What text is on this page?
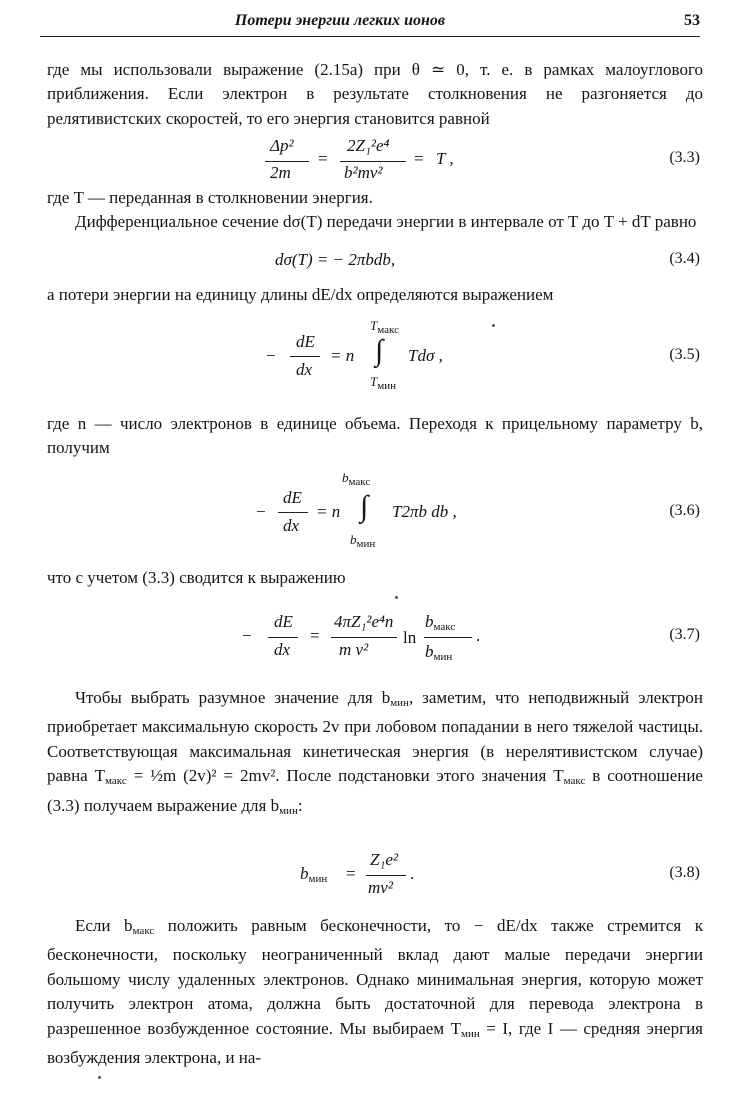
Потери энергии легких ионов	53
где мы использовали выражение (2.15а) при θ ≃ 0, т. е. в рамках малоуглового приближения. Если электрон в результате столкновения не разгоняется до релятивистских скоростей, то его энергия становится равной
Δp²
2m
=
2Z₁²e⁴
b²mv²
= T ,	(3.3)
где T — переданная в столкновении энергия.
Дифференциальное сечение dσ(T) передачи энергии в интервале от T до T + dT равно
dσ(T) = − 2πbdb,	(3.4)
а потери энергии на единицу длины dE/dx определяются выражением
−
dE
dx
= n
$T_{макс}$
∫
$T_{мин}$
Tdσ ,	(3.5)
где n — число электронов в единице объема. Переходя к прицельному параметру b, получим
$b_{макс}$
−
dE
dx
= n ∫
$b_{мин}$
T2πb db ,	(3.6)
что с учетом (3.3) сводится к выражению
−
dE
dx
=
4πZ₁²e⁴n
m v²
ln
$b_{макс}$
$b_{мин}$
.	(3.7)
Чтобы выбрать разумное значение для $b_{мин}$, заметим, что неподвижный электрон приобретает максимальную скорость 2v при лобовом попадании в него тяжелой частицы. Соответствующая максимальная кинетическая энергия (в нерелятивистском случае) равна $T_{макс}$ = ½m (2v)² = 2mv². После подстановки этого значения $T_{макс}$ в соотношение (3.3) получаем выражение для $b_{мин}$:
$b_{мин}$ =
Z₁e²
mv²
.	(3.8)
Если $b_{макс}$ положить равным бесконечности, то − dE/dx также стремится к бесконечности, поскольку неограниченный вклад дают малые передачи энергии большому числу удаленных электронов. Однако минимальная энергия, которую может получить электрон атома, должна быть достаточной для перевода электрона в разрешенное возбужденное состояние. Мы выбираем $T_{мин} = I$, где I — средняя энергия возбуждения электрона, и на-
